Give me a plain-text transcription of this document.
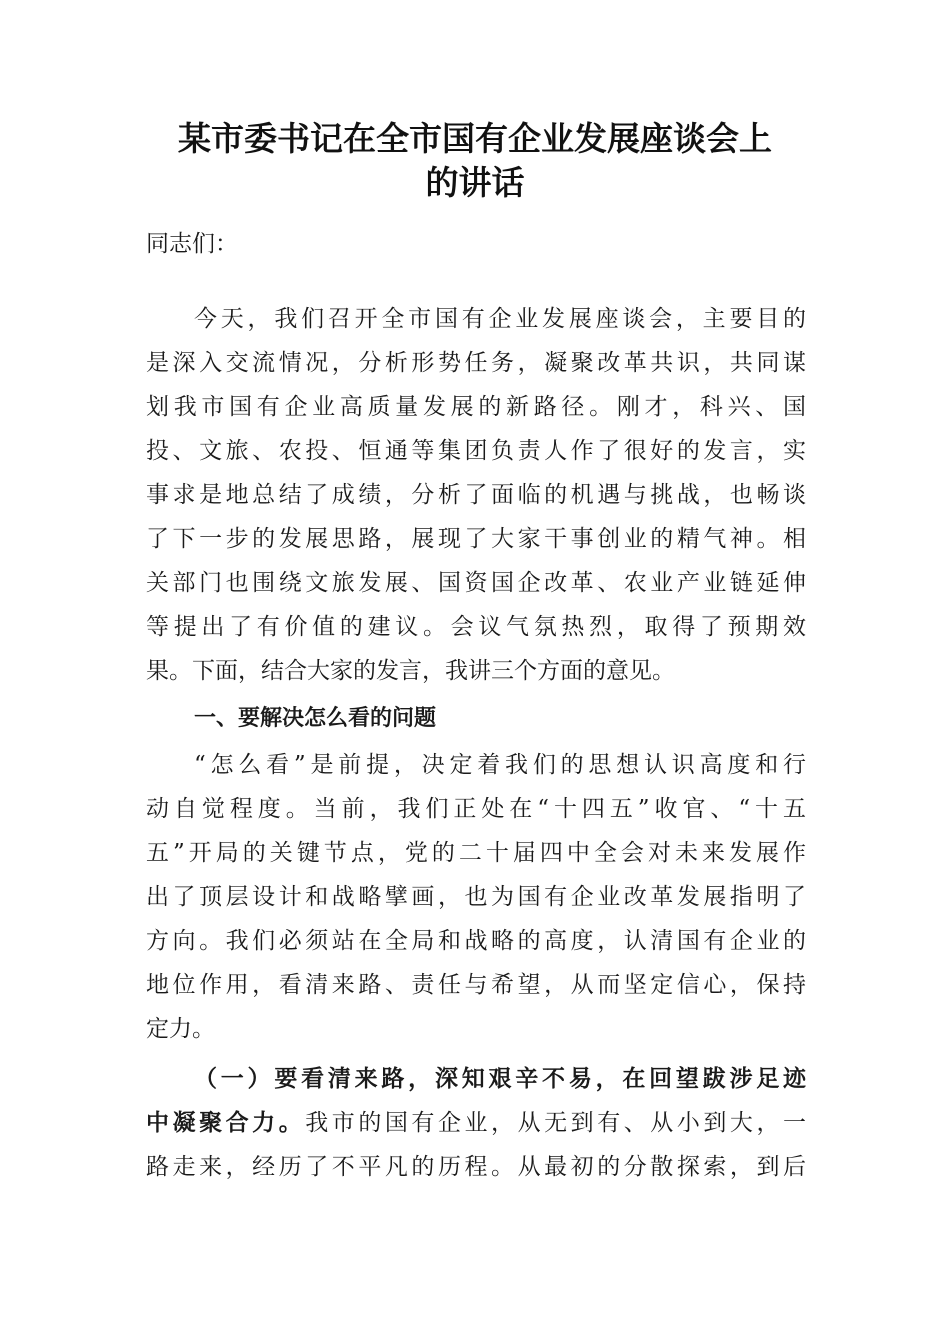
某市委书记在全市国有企业发展座谈会上
的讲话
同志们：
今天，我们召开全市国有企业发展座谈会，主要目的
是深入交流情况，分析形势任务，凝聚改革共识，共同谋
划我市国有企业高质量发展的新路径。刚才，科兴、国
投、文旅、农投、恒通等集团负责人作了很好的发言，实
事求是地总结了成绩，分析了面临的机遇与挑战，也畅谈
了下一步的发展思路，展现了大家干事创业的精气神。相
关部门也围绕文旅发展、国资国企改革、农业产业链延伸
等提出了有价值的建议。会议气氛热烈，取得了预期效
果。下面，结合大家的发言，我讲三个方面的意见。
一、要解决怎么看的问题
“怎么看”是前提，决定着我们的思想认识高度和行
动自觉程度。当前，我们正处在“十四五”收官、“十五
五”开局的关键节点，党的二十届四中全会对未来发展作
出了顶层设计和战略擘画，也为国有企业改革发展指明了
方向。我们必须站在全局和战略的高度，认清国有企业的
地位作用，看清来路、责任与希望，从而坚定信心，保持
定力。
（一）要看清来路，深知艰辛不易，在回望跋涉足迹
中凝聚合力。我市的国有企业，从无到有、从小到大，一
路走来，经历了不平凡的历程。从最初的分散探索，到后
